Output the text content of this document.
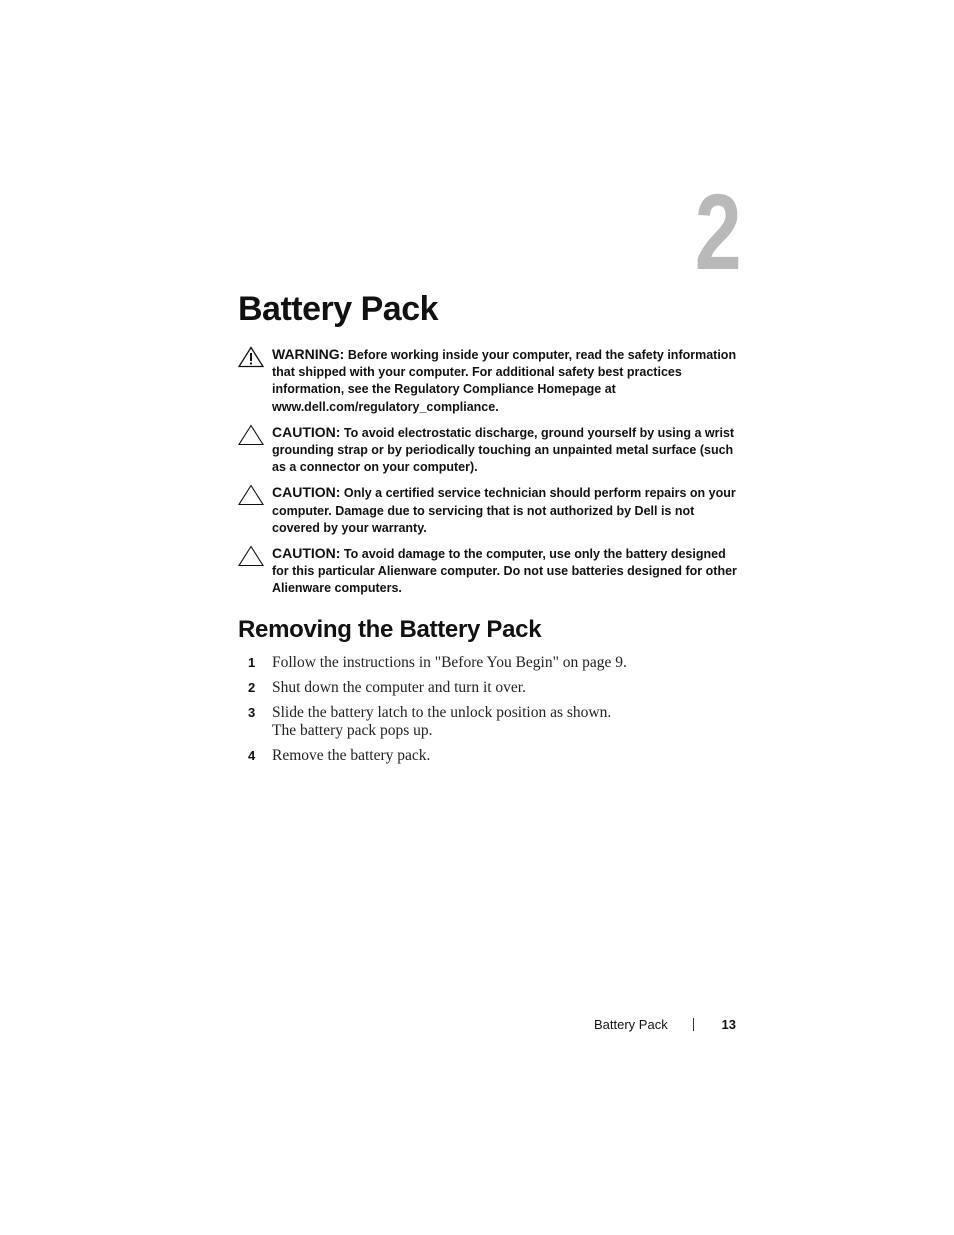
2
Battery Pack
WARNING: Before working inside your computer, read the safety information that shipped with your computer. For additional safety best practices information, see the Regulatory Compliance Homepage at www.dell.com/regulatory_compliance.
CAUTION: To avoid electrostatic discharge, ground yourself by using a wrist grounding strap or by periodically touching an unpainted metal surface (such as a connector on your computer).
CAUTION: Only a certified service technician should perform repairs on your computer. Damage due to servicing that is not authorized by Dell is not covered by your warranty.
CAUTION: To avoid damage to the computer, use only the battery designed for this particular Alienware computer. Do not use batteries designed for other Alienware computers.
Removing the Battery Pack
1 Follow the instructions in "Before You Begin" on page 9.
2 Shut down the computer and turn it over.
3 Slide the battery latch to the unlock position as shown.
The battery pack pops up.
4 Remove the battery pack.
Battery Pack	13
